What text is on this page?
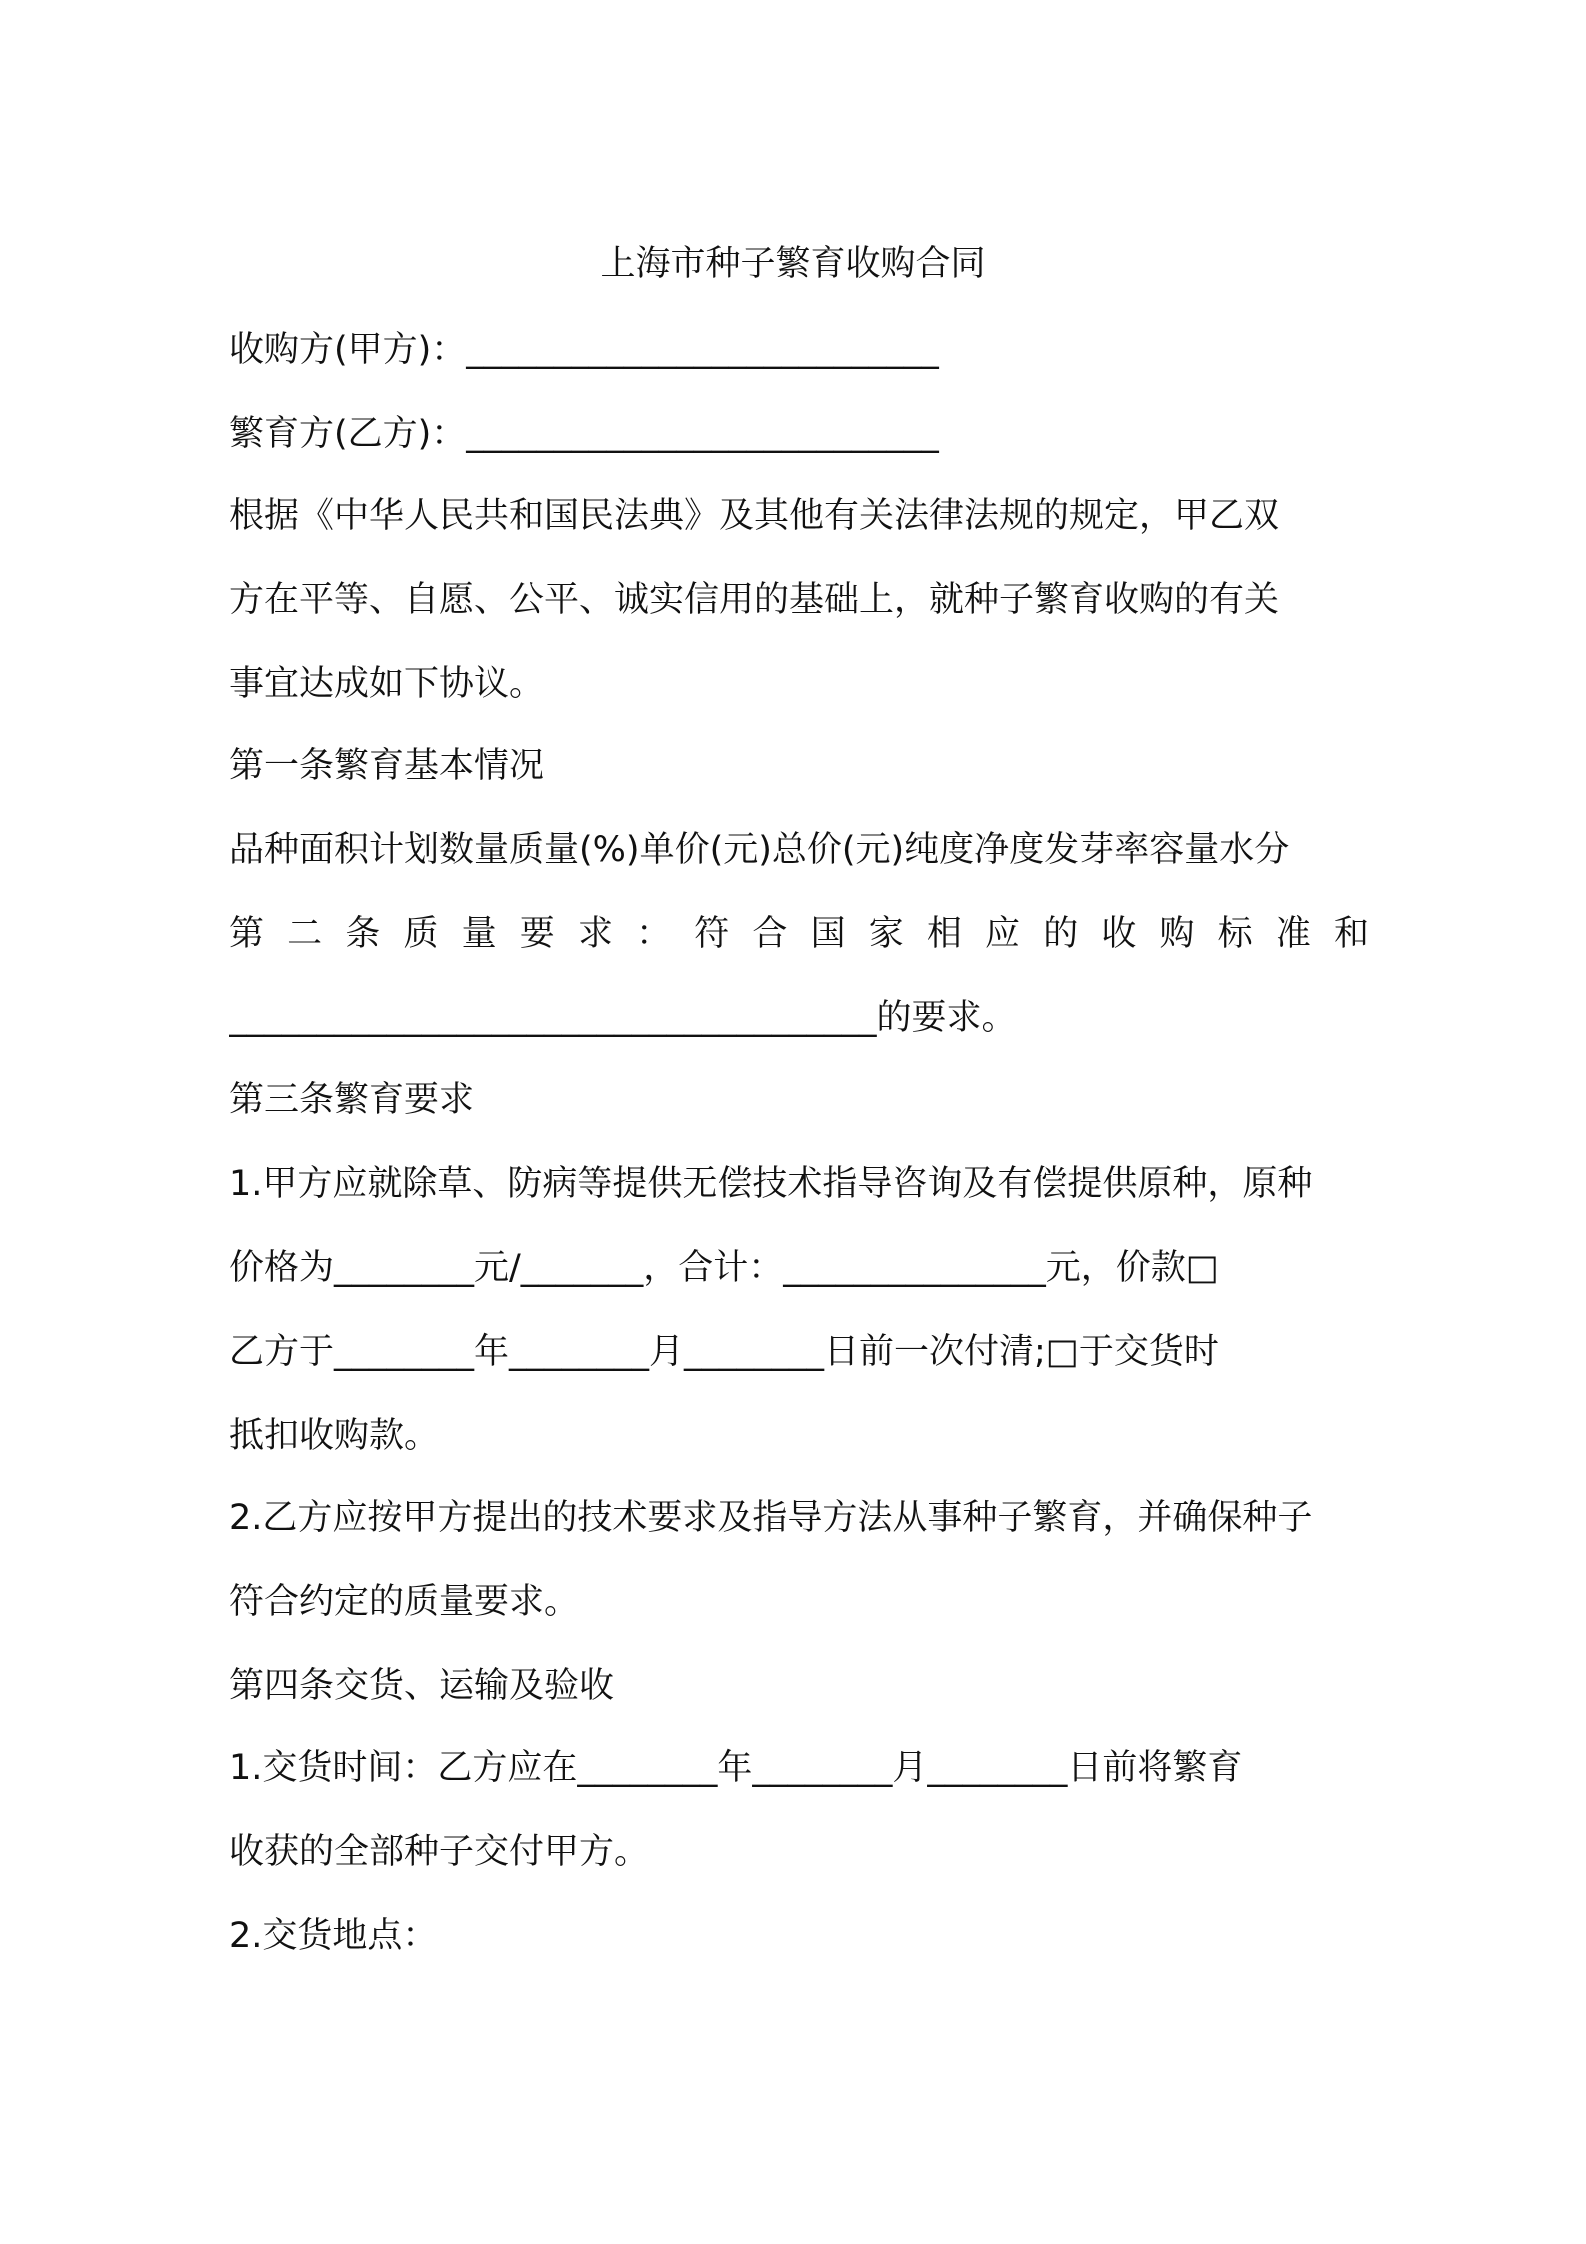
上海市种子繁育收购合同
收购方(甲方)：___________________________
繁育方(乙方)：___________________________
根据《中华人民共和国民法典》及其他有关法律法规的规定，甲乙双
方在平等、自愿、公平、诚实信用的基础上，就种子繁育收购的有关
事宜达成如下协议。
第一条繁育基本情况
品种面积计划数量质量(%)单价(元)总价(元)纯度净度发芽率容量水分
第 二 条 质 量 要 求 ： 符 合 国 家 相 应 的 收 购 标 准 和
_____________________________________的要求。
第三条繁育要求
1.甲方应就除草、防病等提供无偿技术指导咨询及有偿提供原种，原种
价格为________元/_______，合计：_______________元，价款□
乙方于________年________月________日前一次付清;□于交货时
抵扣收购款。
2.乙方应按甲方提出的技术要求及指导方法从事种子繁育，并确保种子
符合约定的质量要求。
第四条交货、运输及验收
1.交货时间：乙方应在________年________月________日前将繁育
收获的全部种子交付甲方。
2.交货地点：
